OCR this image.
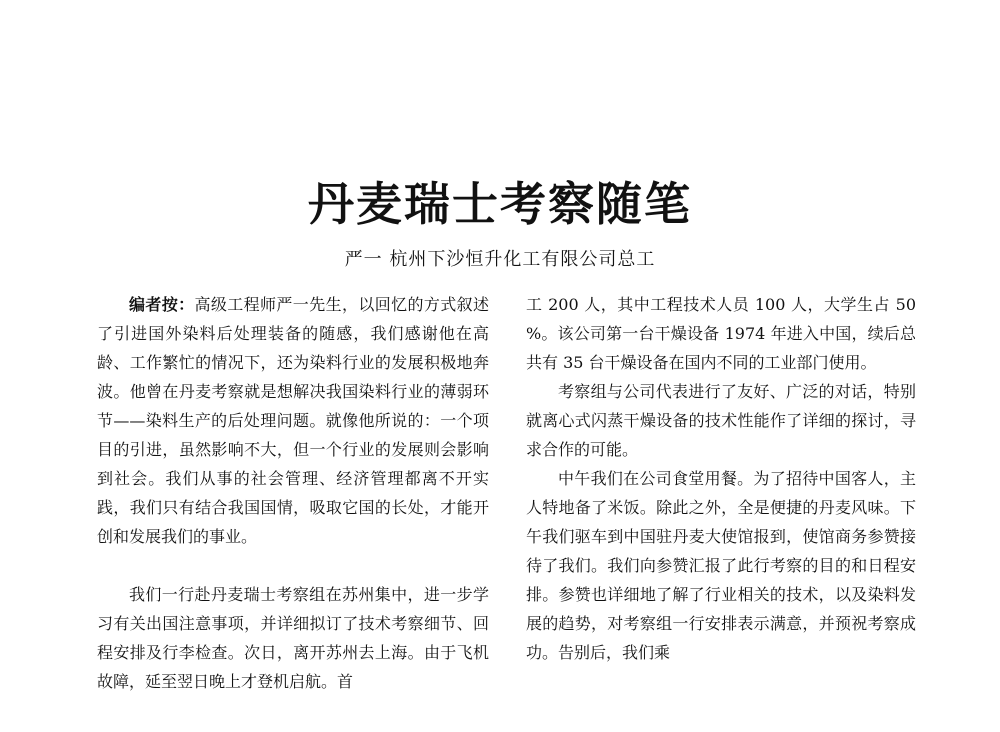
丹麦瑞士考察随笔
严一 杭州下沙恒升化工有限公司总工

编者按：高级工程师严一先生，以回忆的方式叙述了引进国外染料后处理装备的随感，我们感谢他在高龄、工作繁忙的情况下，还为染料行业的发展积极地奔波。他曾在丹麦考察就是想解决我国染料行业的薄弱环节——染料生产的后处理问题。就像他所说的：一个项目的引进，虽然影响不大，但一个行业的发展则会影响到社会。我们从事的社会管理、经济管理都离不开实践，我们只有结合我国国情，吸取它国的长处，才能开创和发展我们的事业。

我们一行赴丹麦瑞士考察组在苏州集中，进一步学习有关出国注意事项，并详细拟订了技术考察细节、回程安排及行李检查。次日，离开苏州去上海。由于飞机故障，延至翌日晚上才登机启航。首

工 200 人，其中工程技术人员 100 人，大学生占 50 %。该公司第一台干燥设备 1974 年进入中国，续后总共有 35 台干燥设备在国内不同的工业部门使用。

考察组与公司代表进行了友好、广泛的对话，特别就离心式闪蒸干燥设备的技术性能作了详细的探讨，寻求合作的可能。

中午我们在公司食堂用餐。为了招待中国客人，主人特地备了米饭。除此之外，全是便捷的丹麦风味。下午我们驱车到中国驻丹麦大使馆报到，使馆商务参赞接待了我们。我们向参赞汇报了此行考察的目的和日程安排。参赞也详细地了解了行业相关的技术，以及染料发展的趋势，对考察组一行安排表示满意，并预祝考察成功。告别后，我们乘
